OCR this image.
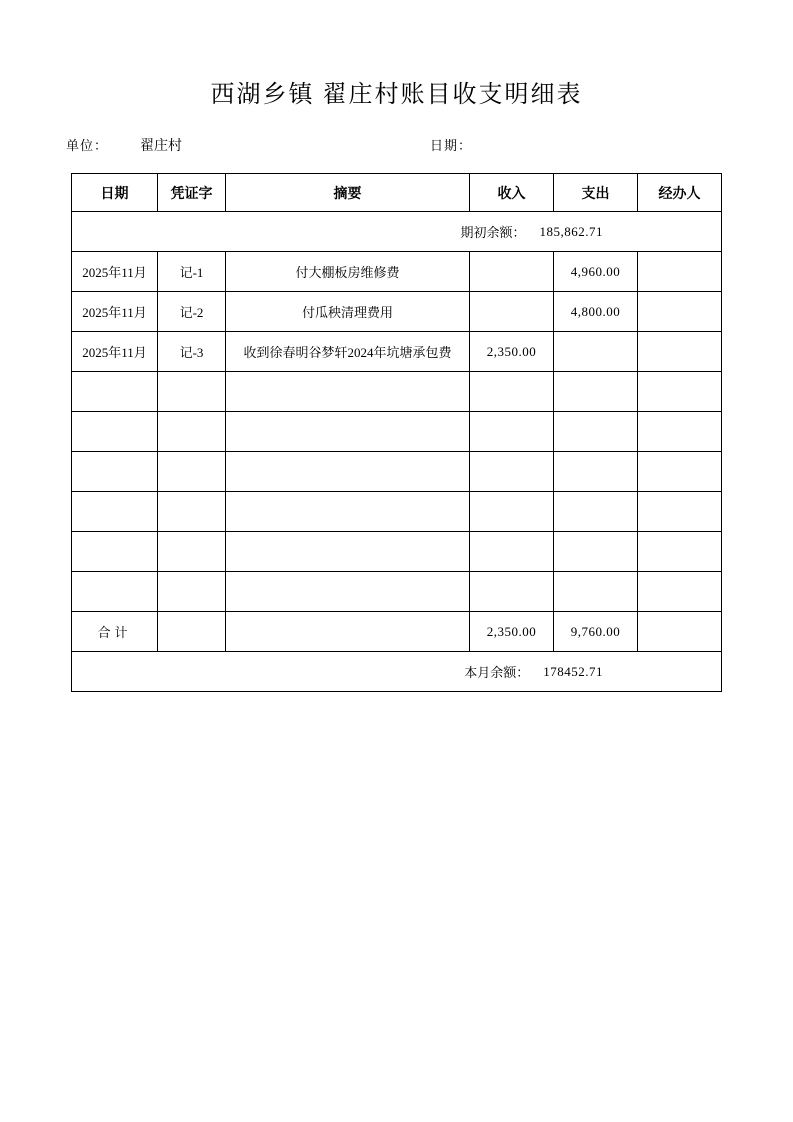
西湖乡镇 翟庄村账目收支明细表
单位： 翟庄村	日期：
日期	凭证字	摘要	收入	支出	经办人

期初余额： 185,862.71					

2025年11月	记-1	付大棚板房维修费		4,960.00	
2025年11月	记-2	付瓜秧清理费用		4,800.00	
2025年11月	记-3	收到徐春明谷梦轩2024年坑塘承包费	2,350.00		

合计			2,350.00	9,760.00	

本月余额： 178452.71					
